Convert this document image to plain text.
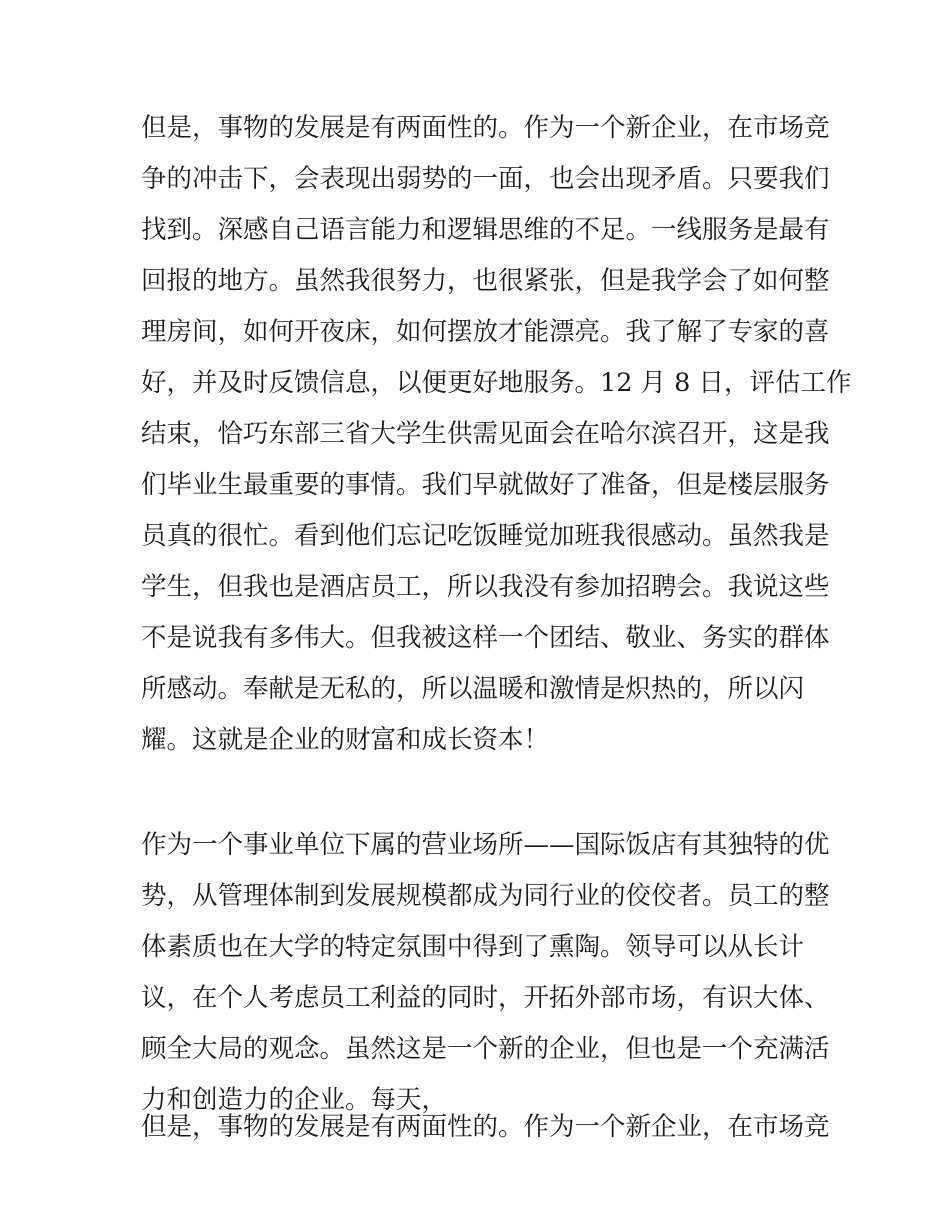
但是，事物的发展是有两面性的。作为一个新企业，在市场竞
争的冲击下，会表现出弱势的一面，也会出现矛盾。只要我们
找到。深感自己语言能力和逻辑思维的不足。一线服务是最有
回报的地方。虽然我很努力，也很紧张，但是我学会了如何整
理房间，如何开夜床，如何摆放才能漂亮。我了解了专家的喜
好，并及时反馈信息，以便更好地服务。12 月 8 日，评估工作
结束，恰巧东部三省大学生供需见面会在哈尔滨召开，这是我
们毕业生最重要的事情。我们早就做好了准备，但是楼层服务
员真的很忙。看到他们忘记吃饭睡觉加班我很感动。虽然我是
学生，但我也是酒店员工，所以我没有参加招聘会。我说这些
不是说我有多伟大。但我被这样一个团结、敬业、务实的群体
所感动。奉献是无私的，所以温暖和激情是炽热的，所以闪
耀。这就是企业的财富和成长资本！
作为一个事业单位下属的营业场所——国际饭店有其独特的优
势，从管理体制到发展规模都成为同行业的佼佼者。员工的整
体素质也在大学的特定氛围中得到了熏陶。领导可以从长计
议，在个人考虑员工利益的同时，开拓外部市场，有识大体、
顾全大局的观念。虽然这是一个新的企业，但也是一个充满活
力和创造力的企业。每天，
但是，事物的发展是有两面性的。作为一个新企业，在市场竞
